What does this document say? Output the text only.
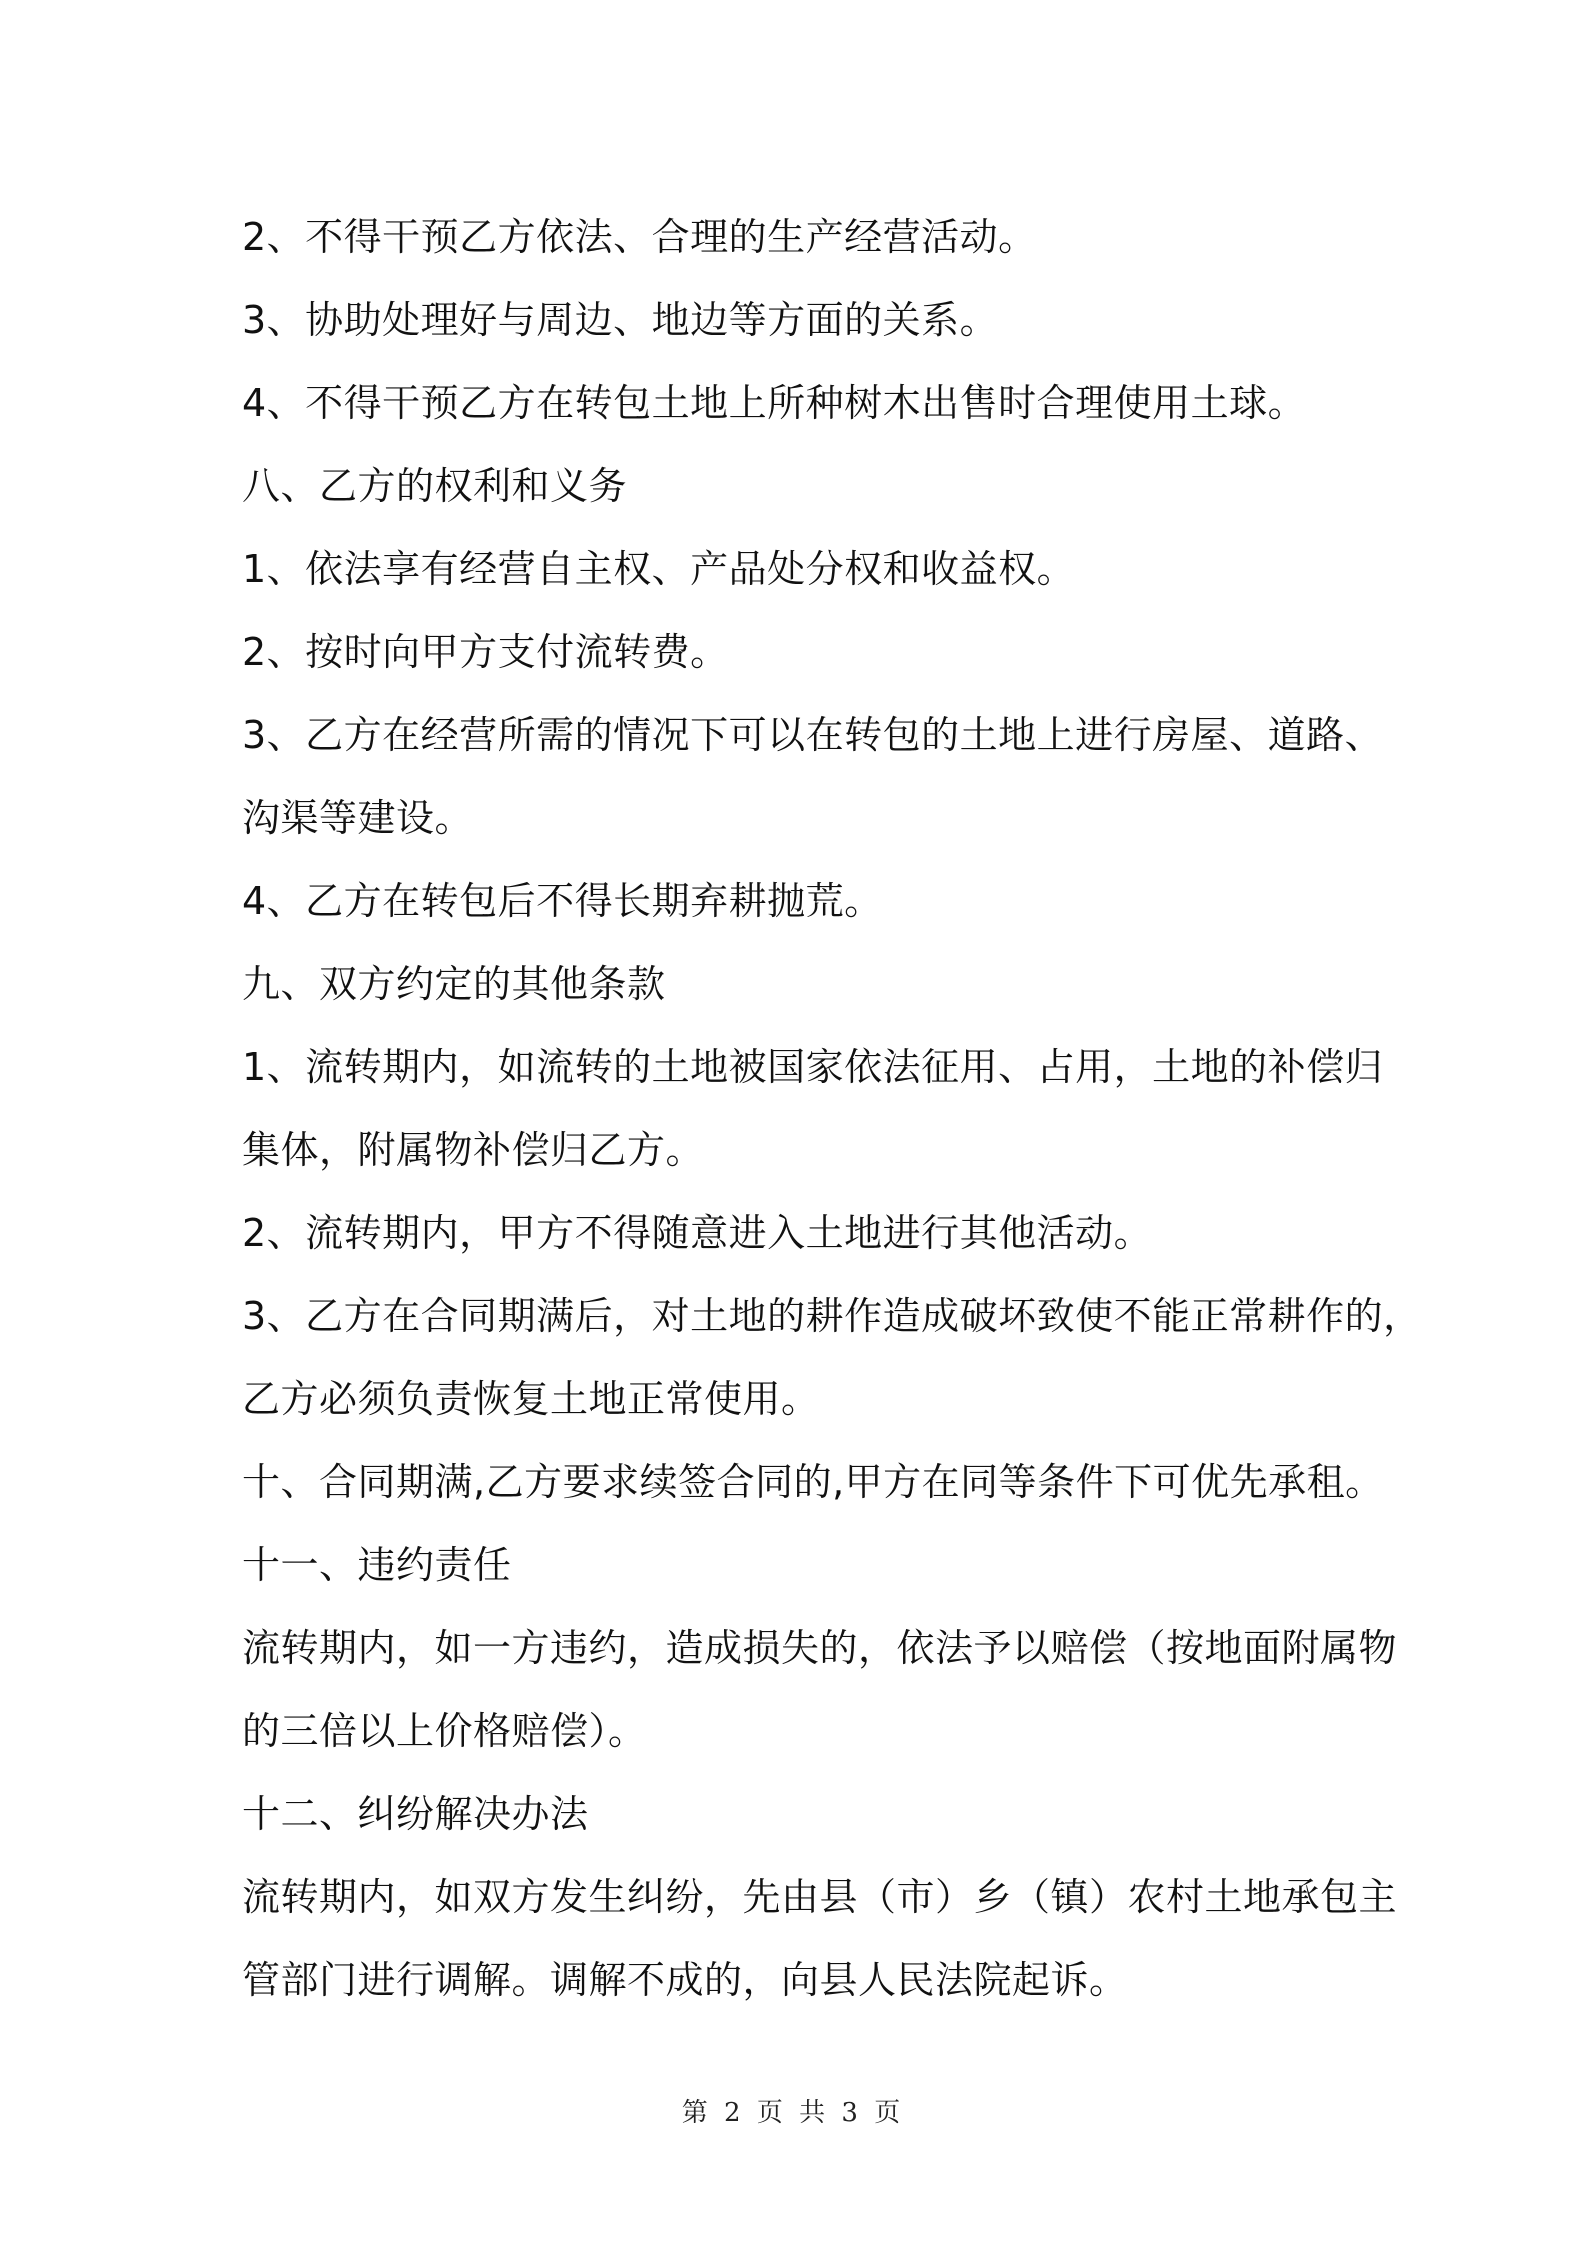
2、不得干预乙方依法、合理的生产经营活动。
3、协助处理好与周边、地边等方面的关系。
4、不得干预乙方在转包土地上所种树木出售时合理使用土球。
八、乙方的权利和义务
1、依法享有经营自主权、产品处分权和收益权。
2、按时向甲方支付流转费。
3、乙方在经营所需的情况下可以在转包的土地上进行房屋、道路、
沟渠等建设。
4、乙方在转包后不得长期弃耕抛荒。
九、双方约定的其他条款
1、流转期内，如流转的土地被国家依法征用、占用，土地的补偿归
集体，附属物补偿归乙方。
2、流转期内，甲方不得随意进入土地进行其他活动。
3、乙方在合同期满后，对土地的耕作造成破坏致使不能正常耕作的，
乙方必须负责恢复土地正常使用。
十、合同期满,乙方要求续签合同的,甲方在同等条件下可优先承租。
十一、违约责任
流转期内，如一方违约，造成损失的，依法予以赔偿（按地面附属物
的三倍以上价格赔偿）。
十二、纠纷解决办法
流转期内，如双方发生纠纷，先由县（市）乡（镇）农村土地承包主
管部门进行调解。调解不成的，向县人民法院起诉。
第 2 页 共 3 页
